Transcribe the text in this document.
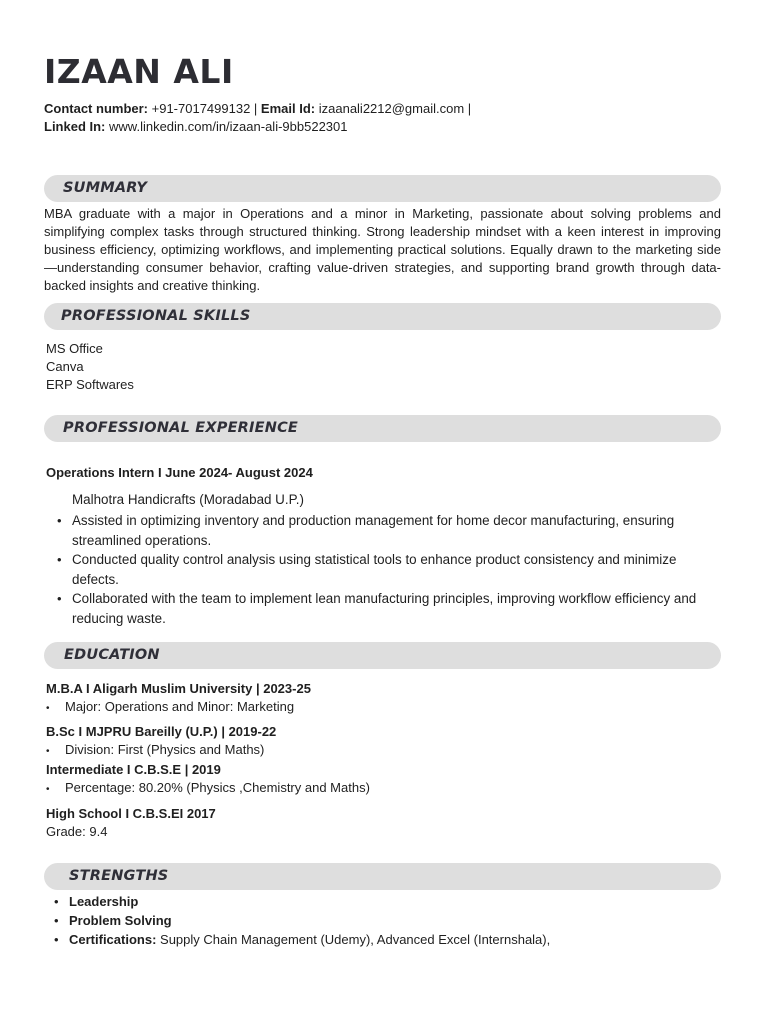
IZAAN ALI
Contact number: +91-7017499132 | Email Id: izaanali2212@gmail.com |
Linked In: www.linkedin.com/in/izaan-ali-9bb522301
SUMMARY
MBA graduate with a major in Operations and a minor in Marketing, passionate about solving problems and simplifying complex tasks through structured thinking. Strong leadership mindset with a keen interest in improving business efficiency, optimizing workflows, and implementing practical solutions. Equally drawn to the marketing side—understanding consumer behavior, crafting value-driven strategies, and supporting brand growth through data-backed insights and creative thinking.
PROFESSIONAL SKILLS
MS Office
Canva
ERP Softwares
PROFESSIONAL EXPERIENCE
Operations Intern I June 2024- August 2024
Malhotra Handicrafts (Moradabad U.P.)
• Assisted in optimizing inventory and production management for home decor manufacturing, ensuring streamlined operations.
• Conducted quality control analysis using statistical tools to enhance product consistency and minimize defects.
• Collaborated with the team to implement lean manufacturing principles, improving workflow efficiency and reducing waste.
EDUCATION
M.B.A I Aligarh Muslim University | 2023-25
• Major: Operations and Minor: Marketing
B.Sc I MJPRU Bareilly (U.P.) | 2019-22
• Division: First (Physics and Maths)
Intermediate I C.B.S.E | 2019
• Percentage: 80.20% (Physics ,Chemistry and Maths)
High School I C.B.S.EI 2017
Grade: 9.4
STRENGTHS
• Leadership
• Problem Solving
• Certifications: Supply Chain Management (Udemy), Advanced Excel (Internshala),
